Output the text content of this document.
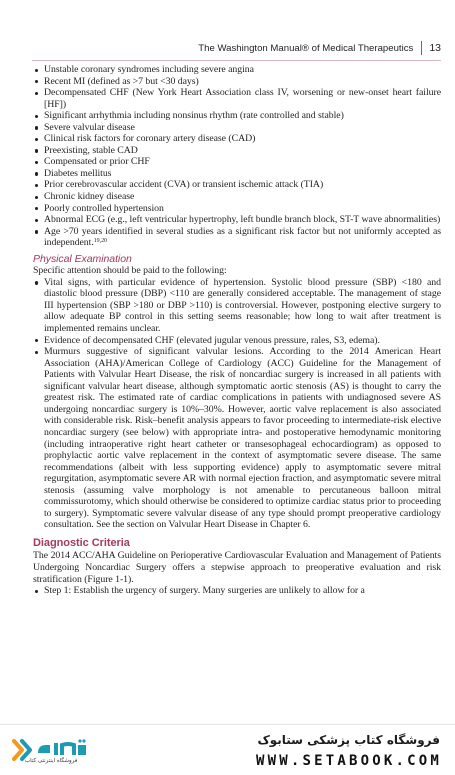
The Washington Manual® of Medical Therapeutics 13
Unstable coronary syndromes including severe angina
Recent MI (defined as >7 but <30 days)
Decompensated CHF (New York Heart Association class IV, worsening or new-onset heart failure [HF])
Significant arrhythmia including nonsinus rhythm (rate controlled and stable)
Severe valvular disease
Clinical risk factors for coronary artery disease (CAD)
Preexisting, stable CAD
Compensated or prior CHF
Diabetes mellitus
Prior cerebrovascular accident (CVA) or transient ischemic attack (TIA)
Chronic kidney disease
Poorly controlled hypertension
Abnormal ECG (e.g., left ventricular hypertrophy, left bundle branch block, ST-T wave abnormalities)
Age >70 years identified in several studies as a significant risk factor but not uniformly accepted as independent.$^{19,20}$
Physical Examination

Specific attention should be paid to the following:

Vital signs, with particular evidence of hypertension. Systolic blood pressure (SBP) <180 and diastolic blood pressure (DBP) <110 are generally considered acceptable. The management of stage III hypertension (SBP >180 or DBP >110) is controversial. However, postponing elective surgery to allow adequate BP control in this setting seems reasonable; how long to wait after treatment is implemented remains unclear.
Evidence of decompensated CHF (elevated jugular venous pressure, rales, S3, edema).
Murmurs suggestive of significant valvular lesions. According to the 2014 American Heart Association (AHA)/American College of Cardiology (ACC) Guideline for the Management of Patients with Valvular Heart Disease, the risk of noncardiac surgery is increased in all patients with significant valvular heart disease, although symptomatic aortic stenosis (AS) is thought to carry the greatest risk. The estimated rate of cardiac complications in patients with undiagnosed severe AS undergoing noncardiac surgery is 10%–30%. However, aortic valve replacement is also associated with considerable risk. Risk–benefit analysis appears to favor proceeding to intermediate-risk elective noncardiac surgery (see below) with appropriate intra- and postoperative hemodynamic monitoring (including intraoperative right heart catheter or transesophageal echocardiogram) as opposed to prophylactic aortic valve replacement in the context of asymptomatic severe disease. The same recommendations (albeit with less supporting evidence) apply to asymptomatic severe mitral regurgitation, asymptomatic severe AR with normal ejection fraction, and asymptomatic severe mitral stenosis (assuming valve morphology is not amenable to percutaneous balloon mitral commissurotomy, which should otherwise be considered to optimize cardiac status prior to proceeding to surgery). Symptomatic severe valvular disease of any type should prompt preoperative cardiology consultation. See the section on Valvular Heart Disease in Chapter 6.
Diagnostic Criteria

The 2014 ACC/AHA Guideline on Perioperative Cardiovascular Evaluation and Management of Patients Undergoing Noncardiac Surgery offers a stepwise approach to preoperative evaluation and risk stratification (Figure 1-1).

Step 1: Establish the urgency of surgery. Many surgeries are unlikely to allow for a
فروشگاه اینترنتی کتاب
فروشگاه کتاب پزشکی ستابوک
WWW.SETABOOK.COM
